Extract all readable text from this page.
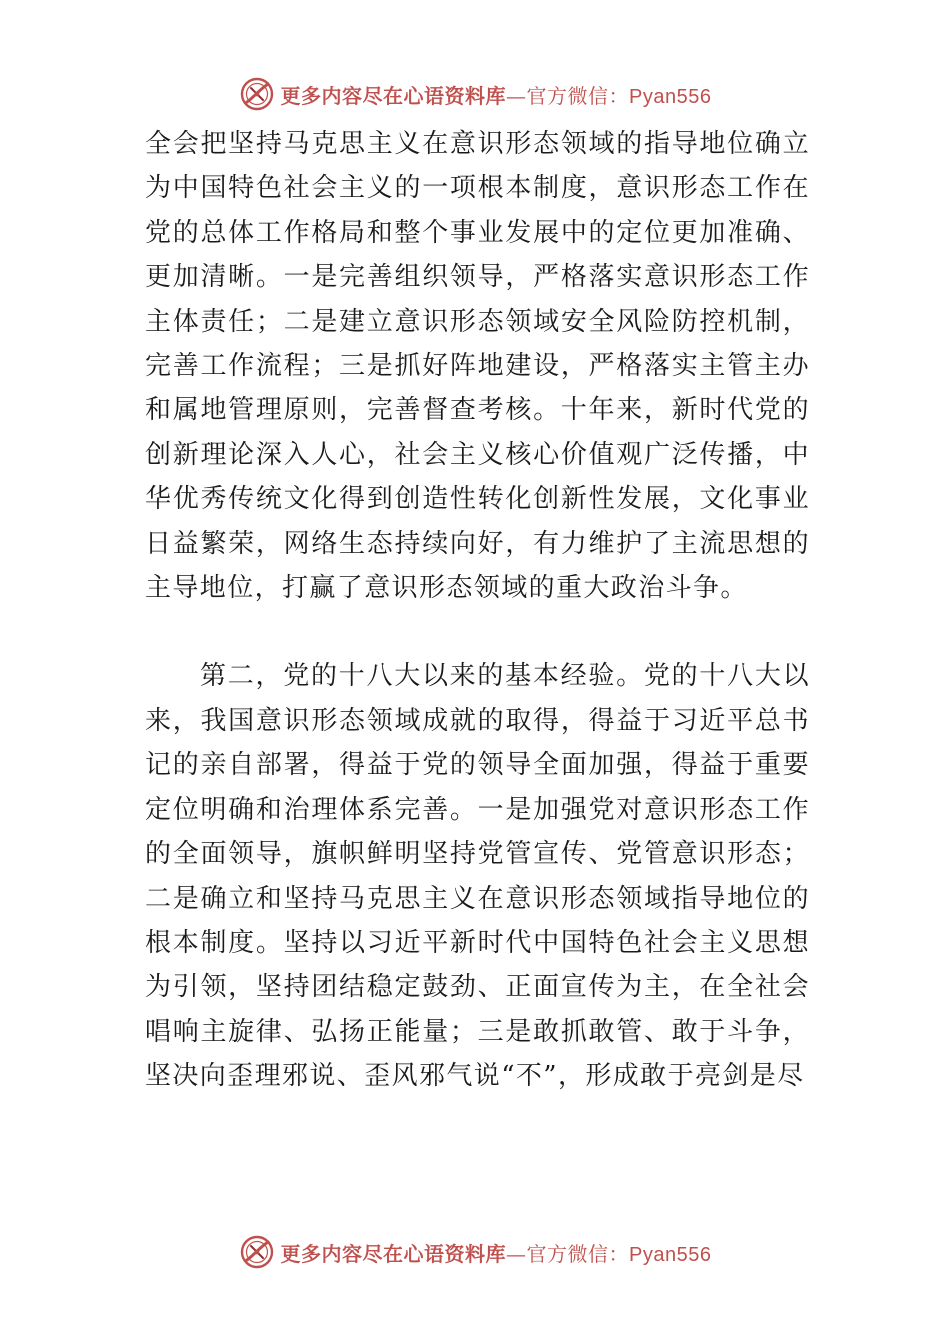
更多内容尽在心语资料库—官方微信：Pyan556

全会把坚持马克思主义在意识形态领域的指导地位确立为中国特色社会主义的一项根本制度，意识形态工作在党的总体工作格局和整个事业发展中的定位更加准确、更加清晰。一是完善组织领导，严格落实意识形态工作主体责任；二是建立意识形态领域安全风险防控机制，完善工作流程；三是抓好阵地建设，严格落实主管主办和属地管理原则，完善督查考核。十年来，新时代党的创新理论深入人心，社会主义核心价值观广泛传播，中华优秀传统文化得到创造性转化创新性发展，文化事业日益繁荣，网络生态持续向好，有力维护了主流思想的主导地位，打赢了意识形态领域的重大政治斗争。

第二，党的十八大以来的基本经验。党的十八大以来，我国意识形态领域成就的取得，得益于习近平总书记的亲自部署，得益于党的领导全面加强，得益于重要定位明确和治理体系完善。一是加强党对意识形态工作的全面领导，旗帜鲜明坚持党管宣传、党管意识形态；二是确立和坚持马克思主义在意识形态领域指导地位的根本制度。坚持以习近平新时代中国特色社会主义思想为引领，坚持团结稳定鼓劲、正面宣传为主，在全社会唱响主旋律、弘扬正能量；三是敢抓敢管、敢于斗争，坚决向歪理邪说、歪风邪气说“不”，形成敢于亮剑是尽

更多内容尽在心语资料库—官方微信：Pyan556
